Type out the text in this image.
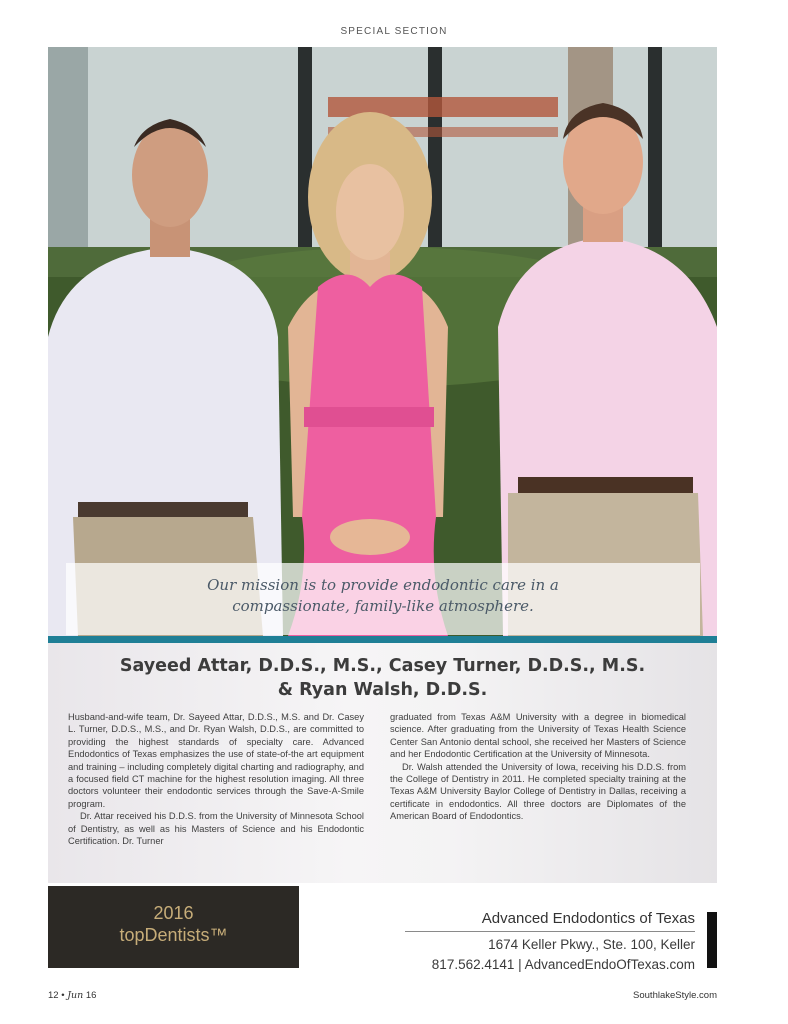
SPECIAL SECTION
Our mission is to provide endodontic care in a
compassionate, family-like atmosphere.
Sayeed Attar, D.D.S., M.S., Casey Turner, D.D.S., M.S.
& Ryan Walsh, D.D.S.

Husband-and-wife team, Dr. Sayeed Attar, D.D.S., M.S. and Dr. Casey L. Turner, D.D.S., M.S., and Dr. Ryan Walsh, D.D.S., are committed to providing the highest standards of specialty care. Advanced Endodontics of Texas emphasizes the use of state-of-the art equipment and training – including completely digital charting and radiography, and a focused field CT machine for the highest resolution imaging. All three doctors volunteer their endodontic services through the Save-A-Smile program.

Dr. Attar received his D.D.S. from the University of Minnesota School of Dentistry, as well as his Masters of Science and his Endodontic Certification. Dr. Turner

graduated from Texas A&M University with a degree in biomedical science. After graduating from the University of Texas Health Science Center San Antonio dental school, she received her Masters of Science and her Endodontic Certification at the University of Minnesota.

Dr. Walsh attended the University of Iowa, receiving his D.D.S. from the College of Dentistry in 2011. He completed specialty training at the Texas A&M University Baylor College of Dentistry in Dallas, receiving a certificate in endodontics. All three doctors are Diplomates of the American Board of Endodontics.

2016
topDentists™
Advanced Endodontics of Texas
1674 Keller Pkwy., Ste. 100, Keller
817.562.4141 | AdvancedEndoOfTexas.com
12 • Jun 16	SouthlakeStyle.com
